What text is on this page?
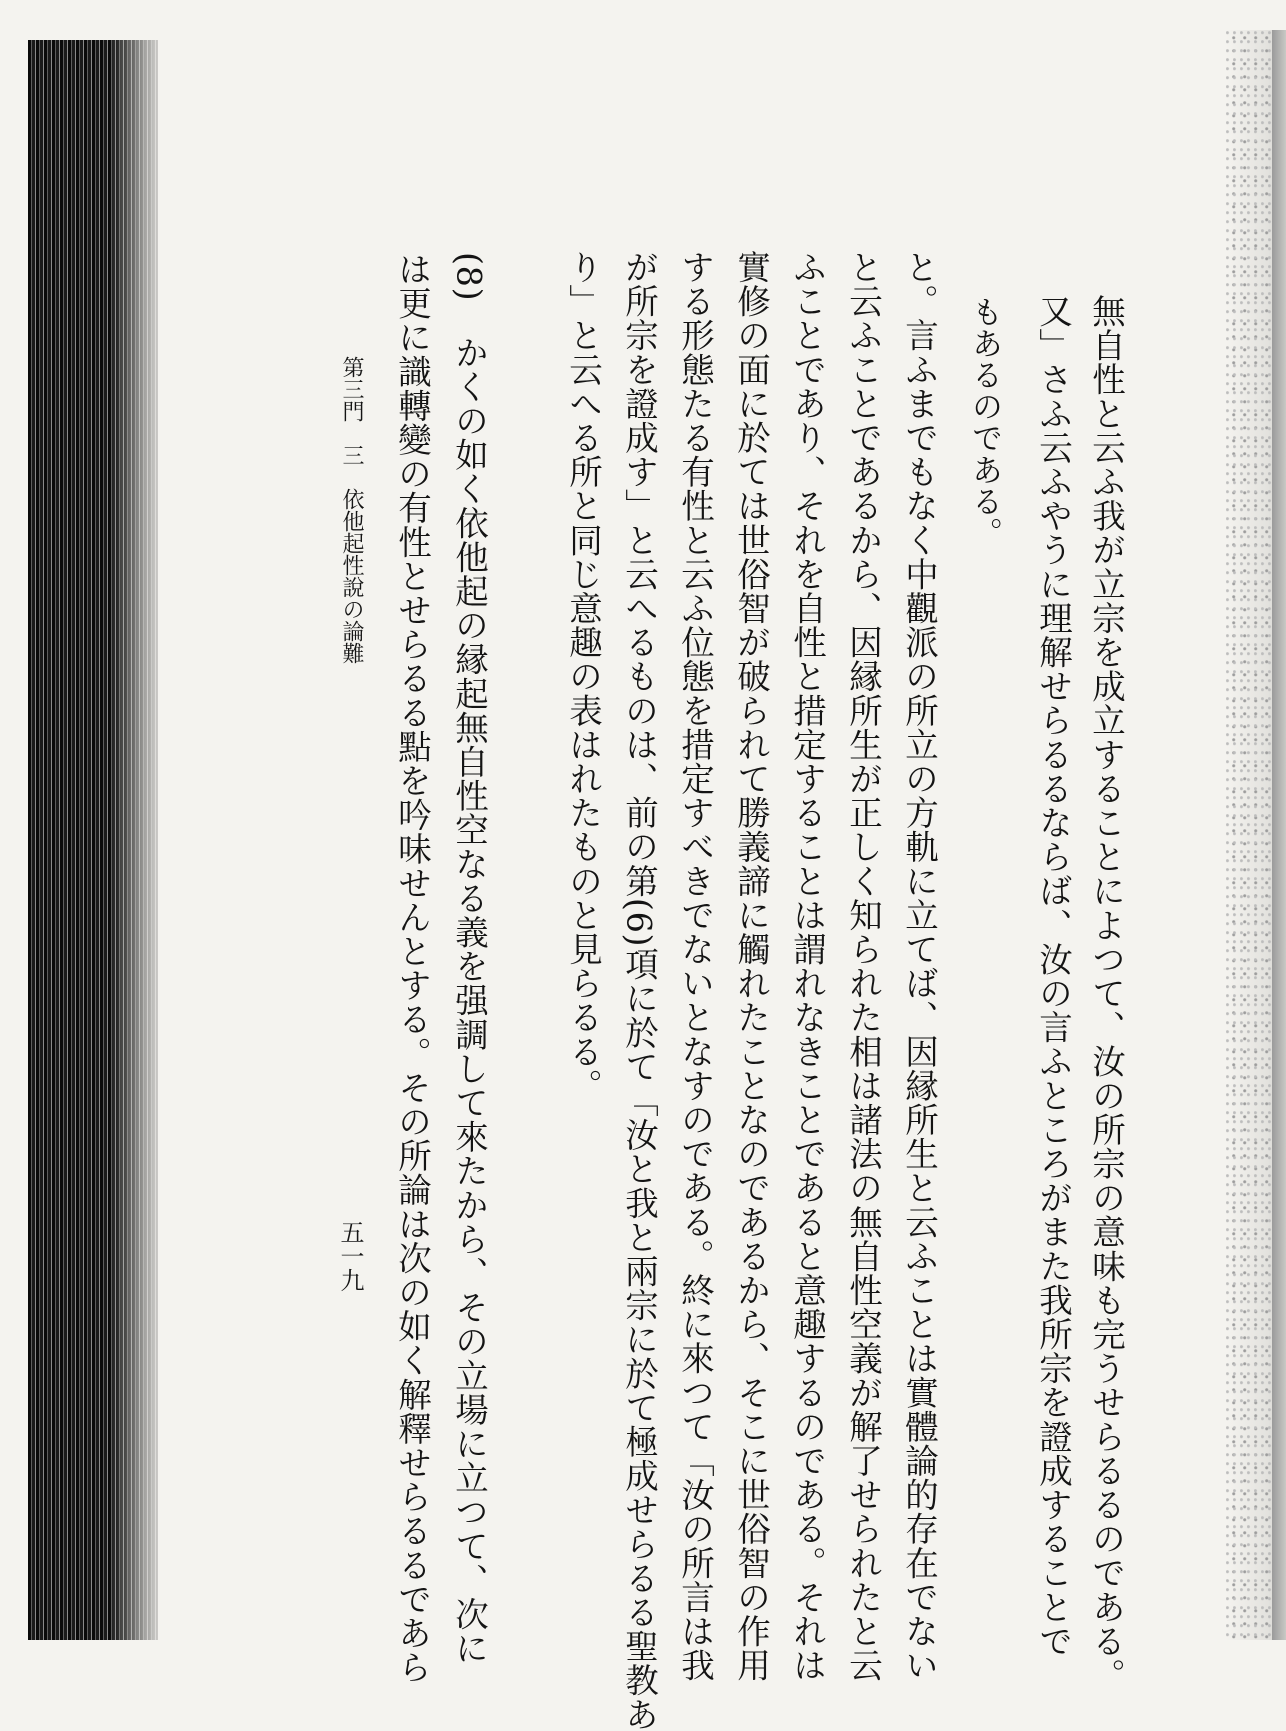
無自性と云ふ我が立宗を成立することによつて、汝の所宗の意味も完うせらるるのである。
又」さふ云ふやうに理解せらるるならば、汝の言ふところがまた我所宗を證成することで
もあるのである。
と。言ふまでもなく中觀派の所立の方軌に立てば、因縁所生と云ふことは實體論的存在でない
と云ふことであるから、因縁所生が正しく知られた相は諸法の無自性空義が解了せられたと云
ふことであり、それを自性と措定することは謂れなきことであると意趣するのである。それは
實修の面に於ては世俗智が破られて勝義諦に觸れたことなのであるから、そこに世俗智の作用
する形態たる有性と云ふ位態を措定すべきでないとなすのである。終に來つて「汝の所言は我
が所宗を證成す」と云へるものは、前の第(6)項に於て「汝と我と兩宗に於て極成せらるる聖教あ
り」と云へる所と同じ意趣の表はれたものと見らるる。
(8)　かくの如く依他起の縁起無自性空なる義を强調して來たから、その立場に立つて、次に
は更に識轉變の有性とせらるる點を吟味せんとする。その所論は次の如く解釋せらるるであら
第三門　三　依他起性說の論難
五一九
